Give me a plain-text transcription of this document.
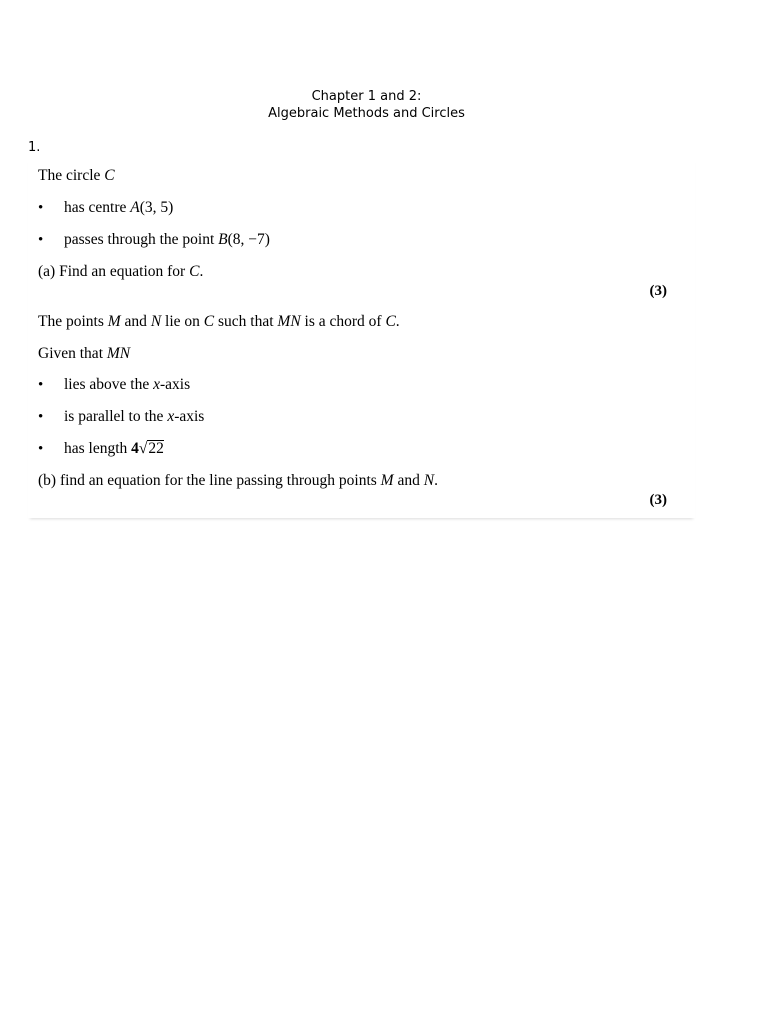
Chapter 1 and 2:
Algebraic Methods and Circles
1.
The circle C
• has centre A(3, 5)
• passes through the point B(8, −7)
(a) Find an equation for C.
(3)
The points M and N lie on C such that MN is a chord of C.
Given that MN
• lies above the x-axis
• is parallel to the x-axis
• has length 4√22
(b) find an equation for the line passing through points M and N.
(3)
